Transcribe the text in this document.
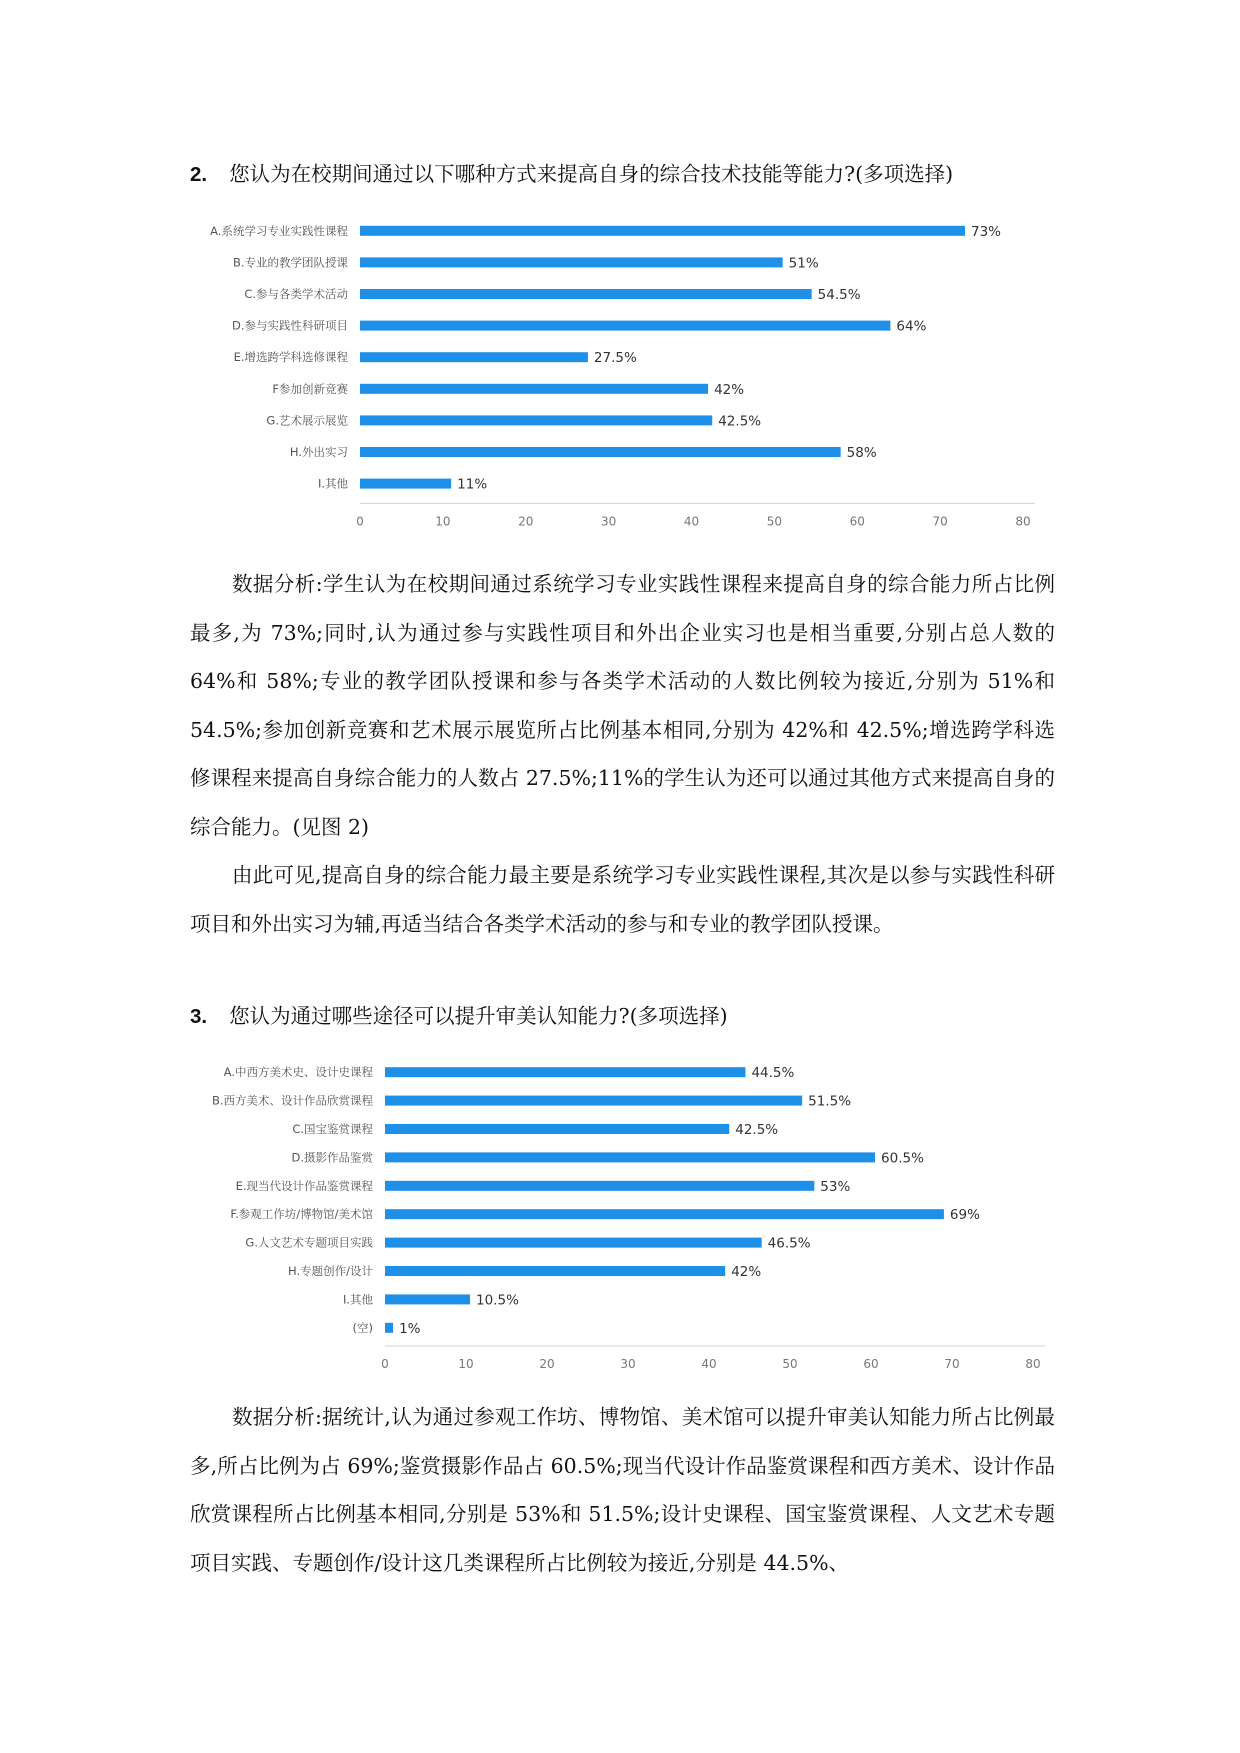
2. 您认为在校期间通过以下哪种方式来提高自身的综合技术技能等能力?(多项选择)
0	10	20	30	40	50	60	70	80
A.系统学习专业实践性课程	73%
B.专业的教学团队授课	51%
C.参与各类学术活动	54.5%
D.参与实践性科研项目	64%
E.增选跨学科选修课程	27.5%
F参加创新竞赛	42%
G.艺术展示展览	42.5%
H.外出实习	58%
I.其他	11%

数据分析:学生认为在校期间通过系统学习专业实践性课程来提高自身的综合能力所占比例最多,为 73%;同时,认为通过参与实践性项目和外出企业实习也是相当重要,分别占总人数的 64%和 58%;专业的教学团队授课和参与各类学术活动的人数比例较为接近,分别为 51%和 54.5%;参加创新竞赛和艺术展示展览所占比例基本相同,分别为 42%和 42.5%;增选跨学科选修课程来提高自身综合能力的人数占 27.5%;11%的学生认为还可以通过其他方式来提高自身的综合能力。(见图 2)

由此可见,提高自身的综合能力最主要是系统学习专业实践性课程,其次是以参与实践性科研项目和外出实习为辅,再适当结合各类学术活动的参与和专业的教学团队授课。

3. 您认为通过哪些途径可以提升审美认知能力?(多项选择)
0	10	20	30	40	50	60	70	80
A.中西方美术史、设计史课程	44.5%
B.西方美术、设计作品欣赏课程	51.5%
C.国宝鉴赏课程	42.5%
D.摄影作品鉴赏	60.5%
E.现当代设计作品鉴赏课程	53%
F.参观工作坊/博物馆/美术馆	69%
G.人文艺术专题项目实践	46.5%
H.专题创作/设计	42%
I.其他	10.5%
(空) 1%

数据分析:据统计,认为通过参观工作坊、博物馆、美术馆可以提升审美认知能力所占比例最多,所占比例为占 69%;鉴赏摄影作品占 60.5%;现当代设计作品鉴赏课程和西方美术、设计作品欣赏课程所占比例基本相同,分别是 53%和 51.5%;设计史课程、国宝鉴赏课程、人文艺术专题项目实践、专题创作/设计这几类课程所占比例较为接近,分别是 44.5%、
